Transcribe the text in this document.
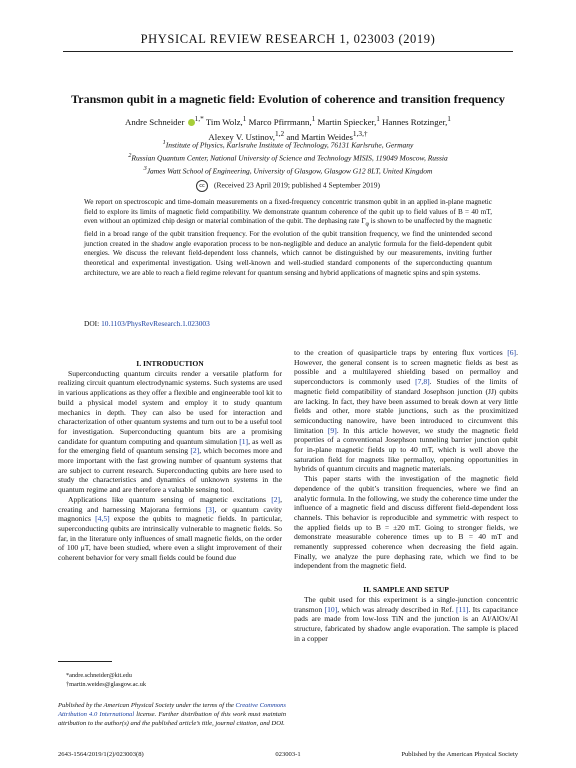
PHYSICAL REVIEW RESEARCH 1, 023003 (2019)
Transmon qubit in a magnetic field: Evolution of coherence and transition frequency
Andre Schneider $^{1,*}$ Tim Wolz,$^1$ Marco Pfirrmann,$^1$ Martin Spiecker,$^1$ Hannes Rotzinger,$^1$
Alexey V. Ustinov,$^{1,2}$ and Martin Weides$^{1,3,\dagger}$
$^1$Institute of Physics, Karlsruhe Institute of Technology, 76131 Karlsruhe, Germany
$^2$Russian Quantum Center, National University of Science and Technology MISIS, 119049 Moscow, Russia
$^3$James Watt School of Engineering, University of Glasgow, Glasgow G12 8LT, United Kingdom
cc (Received 23 April 2019; published 4 September 2019)
We report on spectroscopic and time-domain measurements on a fixed-frequency concentric transmon qubit in an applied in-plane magnetic field to explore its limits of magnetic field compatibility. We demonstrate quantum coherence of the qubit up to field values of B = 40 mT, even without an optimized chip design or material combination of the qubit. The dephasing rate $\Gamma_\varphi$ is shown to be unaffected by the magnetic field in a broad range of the qubit transition frequency. For the evolution of the qubit transition frequency, we find the unintended second junction created in the shadow angle evaporation process to be non-negligible and deduce an analytic formula for the field-dependent qubit energies. We discuss the relevant field-dependent loss channels, which cannot be distinguished by our measurements, inviting further theoretical and experimental investigation. Using well-known and well-studied standard components of the superconducting quantum architecture, we are able to reach a field regime relevant for quantum sensing and hybrid applications of magnetic spins and spin systems.
DOI: 10.1103/PhysRevResearch.1.023003

I. INTRODUCTION

Superconducting quantum circuits render a versatile platform for realizing circuit quantum electrodynamic systems. Such systems are used in various applications as they offer a flexible and engineerable tool kit to build a physical model system and employ it to study quantum mechanics in depth. They can also be used for interaction and characterization of other quantum systems and turn out to be a useful tool for investigation. Superconducting quantum bits are a promising candidate for quantum computing and quantum simulation [1], as well as for the emerging field of quantum sensing [2], which becomes more and more important with the fast growing number of quantum systems that are subject to current research. Superconducting qubits are here used to study the characteristics and dynamics of unknown systems in the quantum regime and are therefore a valuable sensing tool.

Applications like quantum sensing of magnetic excitations [2], creating and harnessing Majorana fermions [3], or quantum cavity magnonics [4,5] expose the qubits to magnetic fields. In particular, superconducting qubits are intrinsically vulnerable to magnetic fields. So far, in the literature only influences of small magnetic fields, on the order of 100 μT, have been studied, where even a slight improvement of their coherent behavior for very small fields could be found due

to the creation of quasiparticle traps by entering flux vortices [6]. However, the general consent is to screen magnetic fields as best as possible and a multilayered shielding based on permalloy and superconductors is commonly used [7,8]. Studies of the limits of magnetic field compatibility of standard Josephson junction (JJ) qubits are lacking. In fact, they have been assumed to break down at very little fields and other, more stable junctions, such as the proximitized semiconducting nanowire, have been introduced to circumvent this limitation [9]. In this article however, we study the magnetic field properties of a conventional Josephson tunneling barrier junction qubit for in-plane magnetic fields up to 40 mT, which is well above the saturation field for magnets like permalloy, opening opportunities in hybrids of quantum circuits and magnetic materials.

This paper starts with the investigation of the magnetic field dependence of the qubit’s transition frequencies, where we find an analytic formula. In the following, we study the coherence time under the influence of a magnetic field and discuss different field-dependent loss channels. This behavior is reproducible and symmetric with respect to the applied fields up to B = ±20 mT. Going to stronger fields, we demonstrate measurable coherence times up to B = 40 mT and remanently suppressed coherence when decreasing the field again. Finally, we analyze the pure dephasing rate, which we find to be independent from the magnetic field.

II. SAMPLE AND SETUP

The qubit used for this experiment is a single-junction concentric transmon [10], which was already described in Ref. [11]. Its capacitance pads are made from low-loss TiN and the junction is an Al/AlOx/Al structure, fabricated by shadow angle evaporation. The sample is placed in a copper

*andre.schneider@kit.edu
†martin.weides@glasgow.ac.uk
Published by the American Physical Society under the terms of the Creative Commons Attribution 4.0 International license. Further distribution of this work must maintain attribution to the author(s) and the published article’s title, journal citation, and DOI.
2643-1564/2019/1(2)/023003(8)	023003-1	Published by the American Physical Society
